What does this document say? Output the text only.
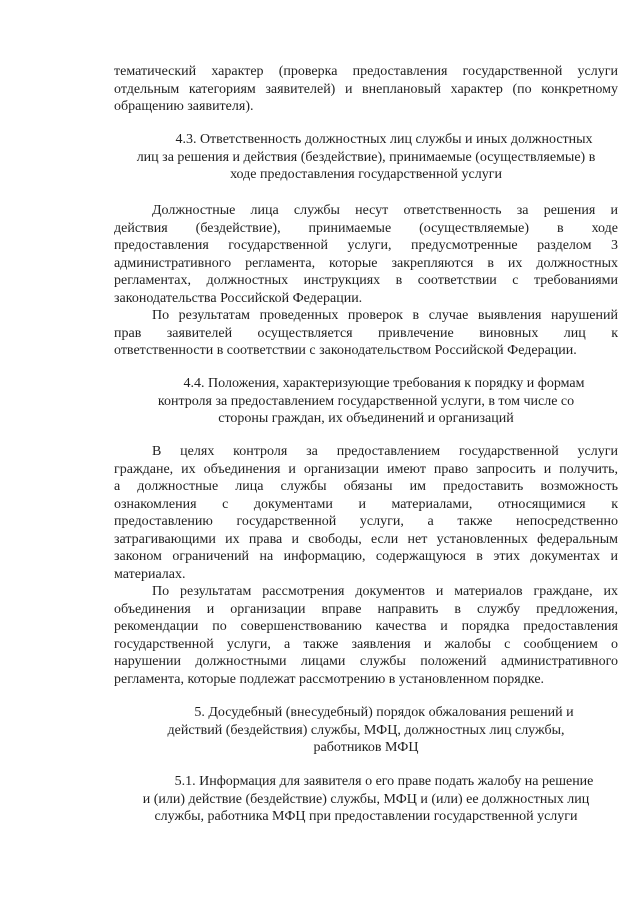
тематический характер (проверка предоставления государственной услуги
отдельным категориям заявителей) и внеплановый характер (по конкретному
обращению заявителя).
4.3. Ответственность должностных лиц службы и иных должностных
лиц за решения и действия (бездействие), принимаемые (осуществляемые) в
ходе предоставления государственной услуги
Должностные лица службы несут ответственность за решения и
действия (бездействие), принимаемые (осуществляемые) в ходе
предоставления государственной услуги, предусмотренные разделом 3
административного регламента, которые закрепляются в их должностных
регламентах, должностных инструкциях в соответствии с требованиями
законодательства Российской Федерации.
По результатам проведенных проверок в случае выявления нарушений
прав заявителей осуществляется привлечение виновных лиц к
ответственности в соответствии с законодательством Российской Федерации.
4.4. Положения, характеризующие требования к порядку и формам
контроля за предоставлением государственной услуги, в том числе со
стороны граждан, их объединений и организаций
В целях контроля за предоставлением государственной услуги
граждане, их объединения и организации имеют право запросить и получить,
а должностные лица службы обязаны им предоставить возможность
ознакомления с документами и материалами, относящимися к
предоставлению государственной услуги, а также непосредственно
затрагивающими их права и свободы, если нет установленных федеральным
законом ограничений на информацию, содержащуюся в этих документах и
материалах.
По результатам рассмотрения документов и материалов граждане, их
объединения и организации вправе направить в службу предложения,
рекомендации по совершенствованию качества и порядка предоставления
государственной услуги, а также заявления и жалобы с сообщением о
нарушении должностными лицами службы положений административного
регламента, которые подлежат рассмотрению в установленном порядке.
5. Досудебный (внесудебный) порядок обжалования решений и
действий (бездействия) службы, МФЦ, должностных лиц службы,
работников МФЦ
5.1. Информация для заявителя о его праве подать жалобу на решение
и (или) действие (бездействие) службы, МФЦ и (или) ее должностных лиц
службы, работника МФЦ при предоставлении государственной услуги
